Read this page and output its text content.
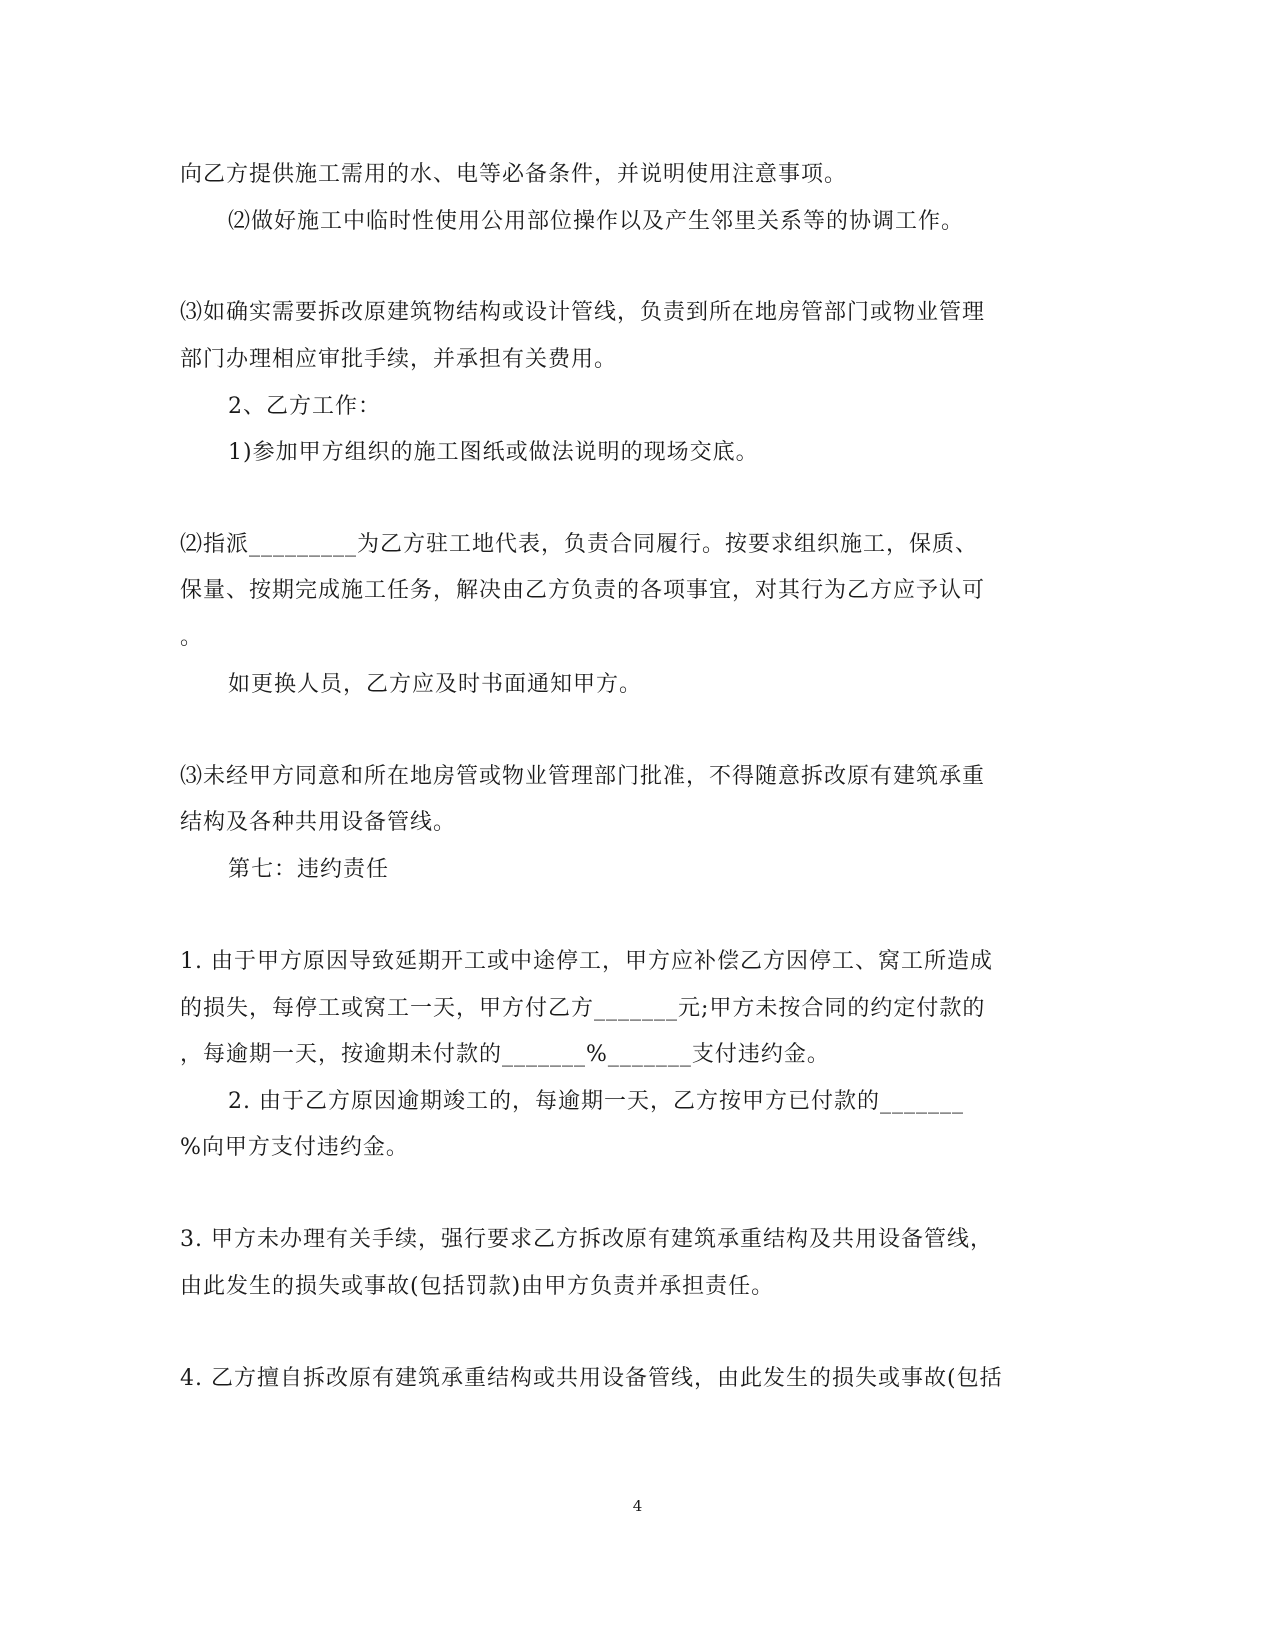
向乙方提供施工需用的水、电等必备条件，并说明使用注意事项。
⑵做好施工中临时性使用公用部位操作以及产生邻里关系等的协调工作。
⑶如确实需要拆改原建筑物结构或设计管线，负责到所在地房管部门或物业管理
部门办理相应审批手续，并承担有关费用。
2、乙方工作：
1)参加甲方组织的施工图纸或做法说明的现场交底。
⑵指派_________为乙方驻工地代表，负责合同履行。按要求组织施工，保质、
保量、按期完成施工任务，解决由乙方负责的各项事宜，对其行为乙方应予认可
。
如更换人员，乙方应及时书面通知甲方。
⑶未经甲方同意和所在地房管或物业管理部门批准，不得随意拆改原有建筑承重
结构及各种共用设备管线。
第七：违约责任
1. 由于甲方原因导致延期开工或中途停工，甲方应补偿乙方因停工、窝工所造成
的损失，每停工或窝工一天，甲方付乙方_______元;甲方未按合同的约定付款的
，每逾期一天，按逾期未付款的_______%_______支付违约金。
2. 由于乙方原因逾期竣工的，每逾期一天，乙方按甲方已付款的_______
%向甲方支付违约金。
3. 甲方未办理有关手续，强行要求乙方拆改原有建筑承重结构及共用设备管线，
由此发生的损失或事故(包括罚款)由甲方负责并承担责任。
4. 乙方擅自拆改原有建筑承重结构或共用设备管线，由此发生的损失或事故(包括
4
